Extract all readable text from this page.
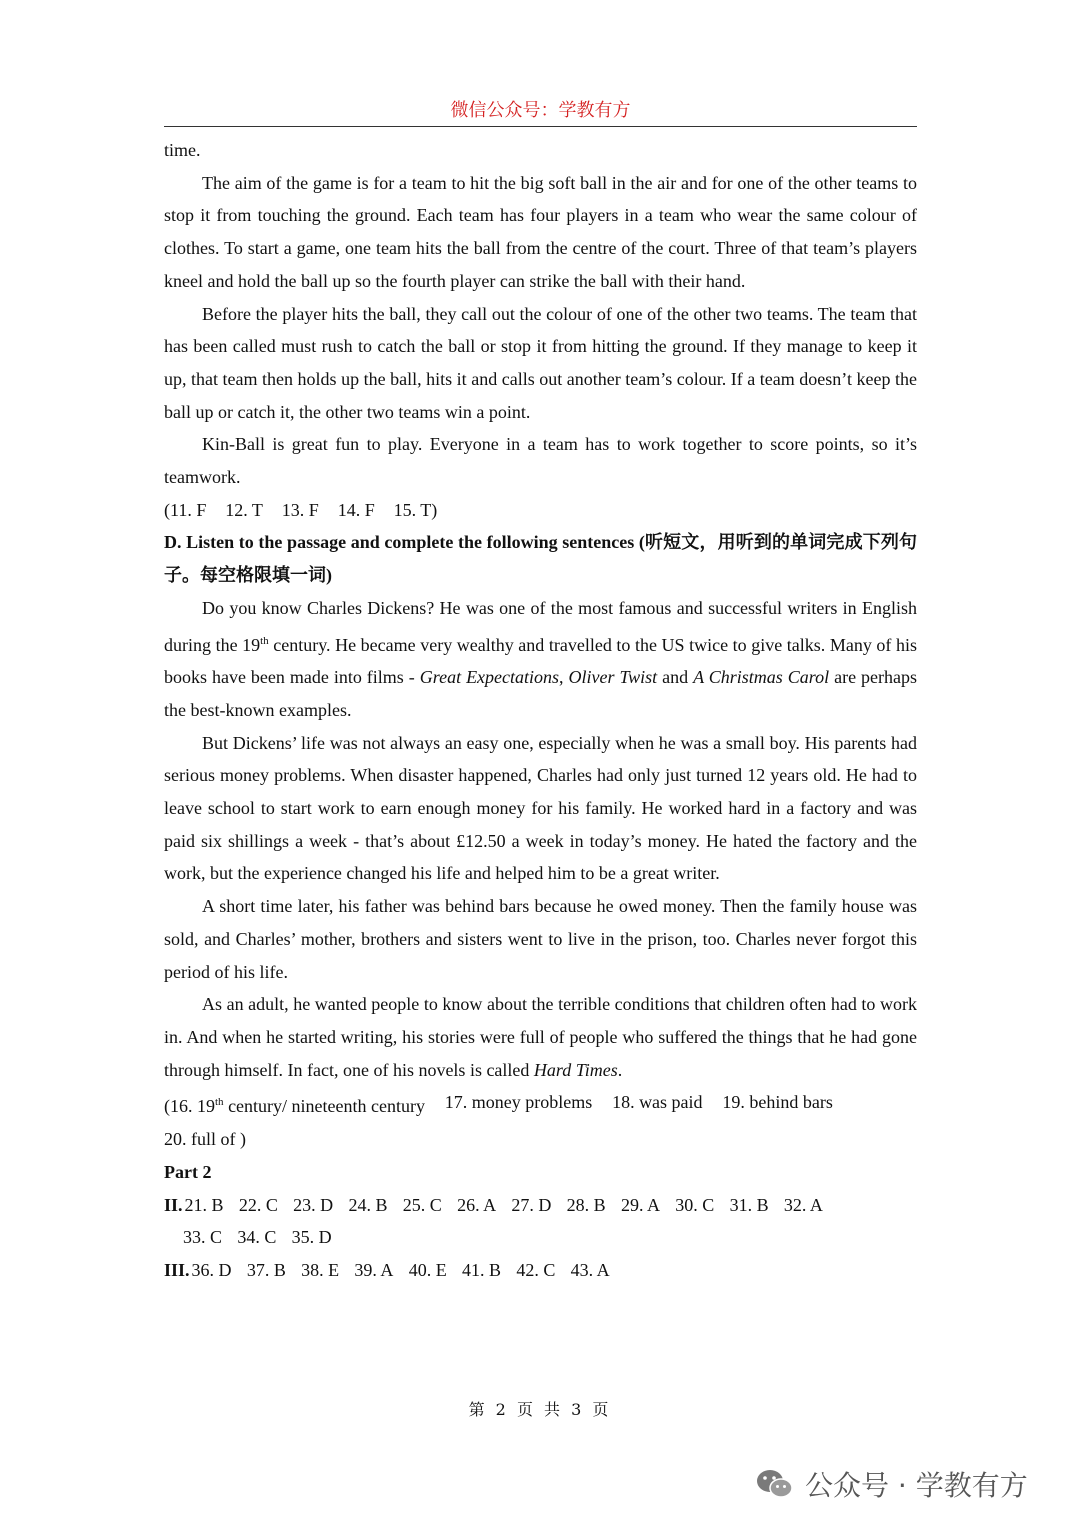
微信公众号：学教有方

time.

The aim of the game is for a team to hit the big soft ball in the air and for one of the other teams to stop it from touching the ground. Each team has four players in a team who wear the same colour of clothes. To start a game, one team hits the ball from the centre of the court. Three of that team’s players kneel and hold the ball up so the fourth player can strike the ball with their hand.

Before the player hits the ball, they call out the colour of one of the other two teams. The team that has been called must rush to catch the ball or stop it from hitting the ground. If they manage to keep it up, that team then holds up the ball, hits it and calls out another team’s colour. If a team doesn’t keep the ball up or catch it, the other two teams win a point.

Kin-Ball is great fun to play. Everyone in a team has to work together to score points, so it’s teamwork.

(11. F 12. T 13. F 14. F 15. T)

D. Listen to the passage and complete the following sentences (听短文，用听到的单词完成下列句子。每空格限填一词)

Do you know Charles Dickens? He was one of the most famous and successful writers in English during the 19th century. He became very wealthy and travelled to the US twice to give talks. Many of his books have been made into films - Great Expectations, Oliver Twist and A Christmas Carol are perhaps the best-known examples.

But Dickens’ life was not always an easy one, especially when he was a small boy. His parents had serious money problems. When disaster happened, Charles had only just turned 12 years old. He had to leave school to start work to earn enough money for his family. He worked hard in a factory and was paid six shillings a week - that’s about £12.50 a week in today’s money. He hated the factory and the work, but the experience changed his life and helped him to be a great writer.

A short time later, his father was behind bars because he owed money. Then the family house was sold, and Charles’ mother, brothers and sisters went to live in the prison, too. Charles never forgot this period of his life.

As an adult, he wanted people to know about the terrible conditions that children often had to work in. And when he started writing, his stories were full of people who suffered the things that he had gone through himself. In fact, one of his novels is called Hard Times.

(16. 19th century/ nineteenth century 17. money problems 18. was paid 19. behind bars

20. full of )

Part 2

II. 21. B 22. C 23. D 24. B 25. C 26. A 27. D 28. B 29. A 30. C 31. B 32. A

33. C 34. C 35. D

III. 36. D 37. B 38. E 39. A 40. E 41. B 42. C 43. A

第 2 页 共 3 页
公众号 · 学教有方
